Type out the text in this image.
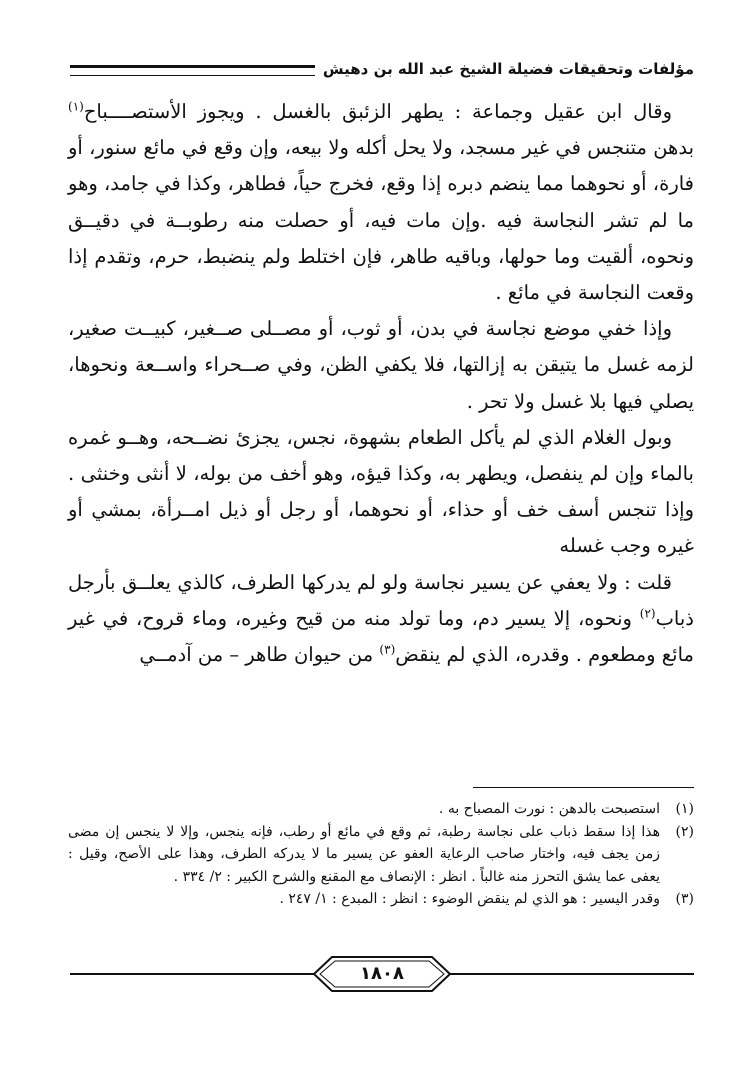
مؤلفات وتحقيقات فضيلة الشيخ عبد الله بن دهيش

وقال ابن عقيل وجماعة : يطهر الزئبق بالغسل . ويجوز الأستصــــباح$^{(١)}$ بدهن متنجس في غير مسجد، ولا يحل أكله ولا بيعه، وإن وقع في مائع سنور، أو فارة، أو نحوهما مما ينضم دبره إذا وقع، فخرج حياً، فطاهر، وكذا في جامد، وهو ما لم تشر النجاسة فيه .وإن مات فيه، أو حصلت منه رطوبــة في دقيــق ونحوه، ألقيت وما حولها، وباقيه طاهر، فإن اختلط ولم ينضبط، حرم، وتقدم إذا وقعت النجاسة في مائع .

وإذا خفي موضع نجاسة في بدن، أو ثوب، أو مصــلى صــغير، كبيــت صغير، لزمه غسل ما يتيقن به إزالتها، فلا يكفي الظن، وفي صــحراء واســعة ونحوها، يصلي فيها بلا غسل ولا تحر .

وبول الغلام الذي لم يأكل الطعام بشهوة، نجس، يجزئ نضــحه، وهــو غمره بالماء وإن لم ينفصل، ويطهر به، وكذا قيؤه، وهو أخف من بوله، لا أنثى وخنثى . وإذا تنجس أسف خف أو حذاء، أو نحوهما، أو رجل أو ذيل امــرأة، بمشي أو غيره وجب غسله

قلت : ولا يعفي عن يسير نجاسة ولو لم يدركها الطرف، كالذي يعلــق بأرجل ذباب$^{(٢)}$ ونحوه، إلا يسير دم، وما تولد منه من قيح وغيره، وماء قروح، في غير مائع ومطعوم . وقدره، الذي لم ينقض$^{(٣)}$ من حيوان طاهر – من آدمــي

(١)
استصبحت بالدهن : نورت المصباح به .
(٢)
هذا إذا سقط ذباب على نجاسة رطبة، ثم وقع في مائع أو رطب، فإنه ينجس، وإلا لا ينجس إن مضى زمن يجف فيه، واختار صاحب الرعاية العفو عن يسير ما لا يدركه الطرف، وهذا على الأصح، وقيل : يعفى عما يشق التحرز منه غالباً . انظر : الإنصاف مع المقنع والشرح الكبير : ٢/ ٣٣٤ .
(٣)
وقدر اليسير : هو الذي لم ينقض الوضوء : انظر : المبدع : ١/ ٢٤٧ .
١٨٠٨
